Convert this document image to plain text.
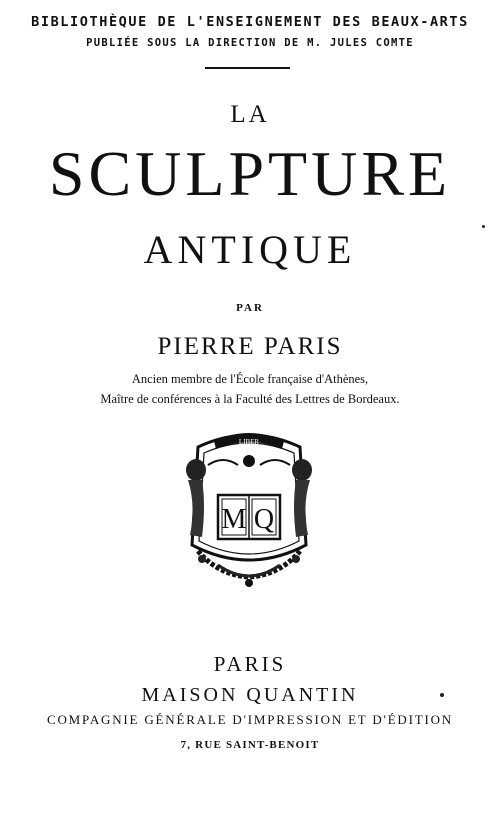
BIBLIOTHÈQUE DE L'ENSEIGNEMENT DES BEAUX-ARTS
PUBLIÉE SOUS LA DIRECTION DE M. JULES COMTE
LA
SCULPTURE
ANTIQUE
PAR
PIERRE PARIS
Ancien membre de l'École française d'Athènes,
Maître de conférences à la Faculté des Lettres de Bordeaux.
LIBER
M Q
PARIS
MAISON QUANTIN
COMPAGNIE GÉNÉRALE D'IMPRESSION ET D'ÉDITION
7, RUE SAINT-BENOIT
